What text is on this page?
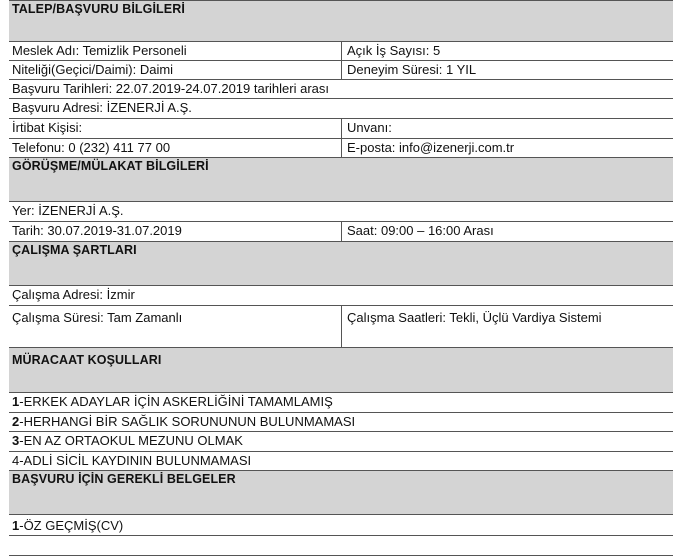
TALEP/BAŞVURU BİLGİLERİ
Meslek Adı: Temizlik Personeli	Açık İş Sayısı: 5
Niteliği(Geçici/Daimi): Daimi	Deneyim Süresi: 1 YIL
Başvuru Tarihleri: 22.07.2019-24.07.2019 tarihleri arası
Başvuru Adresi: İZENERJİ A.Ş.
İrtibat Kişisi:	Unvanı:
Telefonu: 0 (232) 411 77 00	E-posta: info@izenerji.com.tr
GÖRÜŞME/MÜLAKAT BİLGİLERİ
Yer: İZENERJİ A.Ş.
Tarih: 30.07.2019-31.07.2019	Saat: 09:00 – 16:00 Arası
ÇALIŞMA ŞARTLARI
Çalışma Adresi: İzmir
Çalışma Süresi: Tam Zamanlı	Çalışma Saatleri: Tekli, Üçlü Vardiya Sistemi
MÜRACAAT KOŞULLARI
1-ERKEK ADAYLAR İÇİN ASKERLİĞİNİ TAMAMLAMIŞ
2-HERHANGİ BİR SAĞLIK SORUNUNUN BULUNMAMASI
3-EN AZ ORTAOKUL MEZUNU OLMAK
4-ADLİ SİCİL KAYDININ BULUNMAMASI
BAŞVURU İÇİN GEREKLİ BELGELER
1-ÖZ GEÇMİŞ(CV)
